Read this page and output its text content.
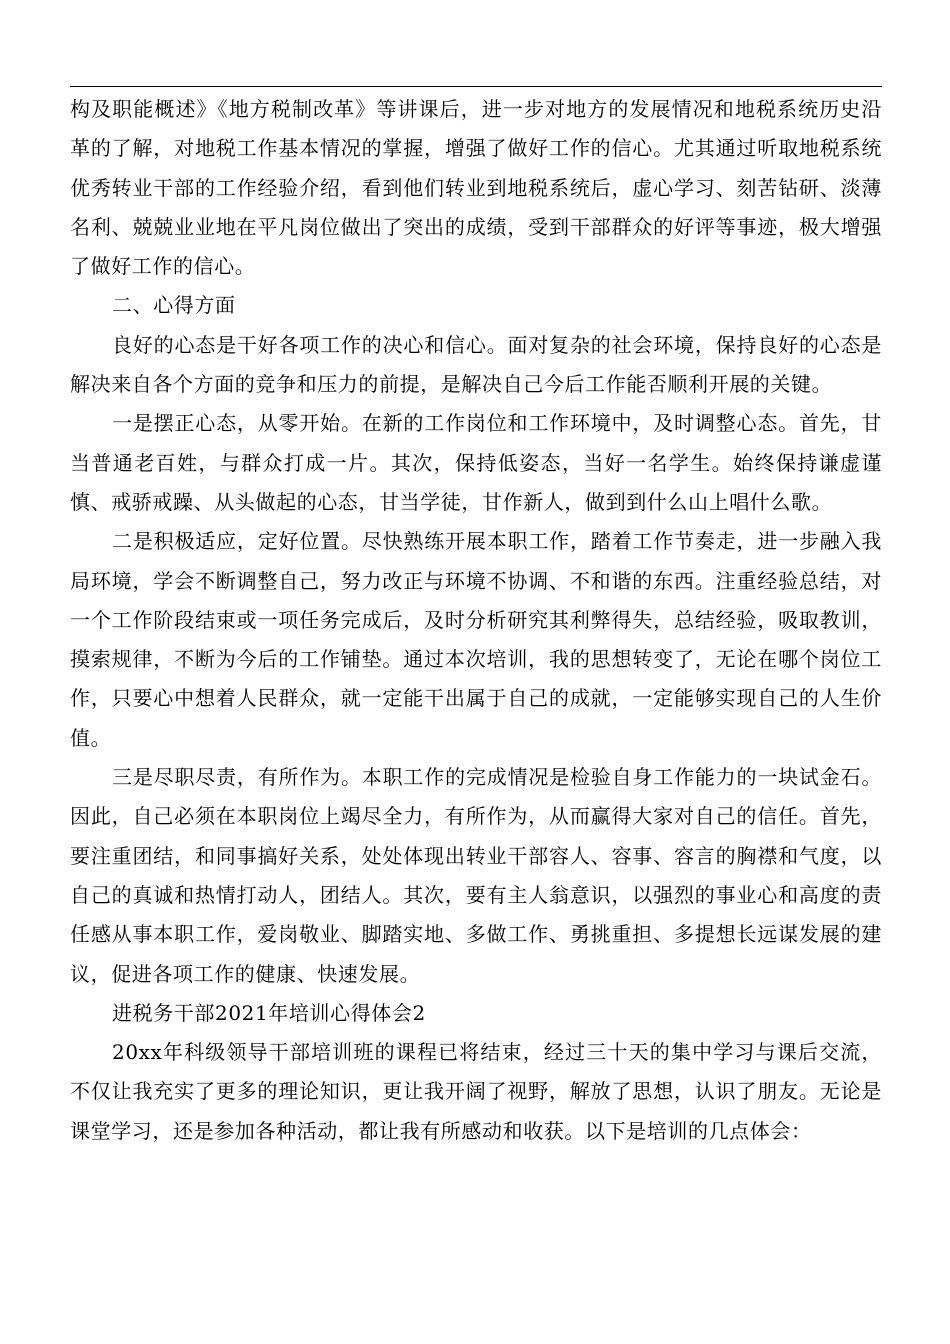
构及职能概述》《地方税制改革》等讲课后，进一步对地方的发展情况和地税系统历史沿革的了解，对地税工作基本情况的掌握，增强了做好工作的信心。尤其通过听取地税系统优秀转业干部的工作经验介绍，看到他们转业到地税系统后，虚心学习、刻苦钻研、淡薄名利、兢兢业业地在平凡岗位做出了突出的成绩，受到干部群众的好评等事迹，极大增强了做好工作的信心。

二、心得方面

良好的心态是干好各项工作的决心和信心。面对复杂的社会环境，保持良好的心态是解决来自各个方面的竞争和压力的前提，是解决自己今后工作能否顺利开展的关键。

一是摆正心态，从零开始。在新的工作岗位和工作环境中，及时调整心态。首先，甘当普通老百姓，与群众打成一片。其次，保持低姿态，当好一名学生。始终保持谦虚谨慎、戒骄戒躁、从头做起的心态，甘当学徒，甘作新人，做到到什么山上唱什么歌。

二是积极适应，定好位置。尽快熟练开展本职工作，踏着工作节奏走，进一步融入我局环境，学会不断调整自己，努力改正与环境不协调、不和谐的东西。注重经验总结，对一个工作阶段结束或一项任务完成后，及时分析研究其利弊得失，总结经验，吸取教训，摸索规律，不断为今后的工作铺垫。通过本次培训，我的思想转变了，无论在哪个岗位工作，只要心中想着人民群众，就一定能干出属于自己的成就，一定能够实现自己的人生价值。

三是尽职尽责，有所作为。本职工作的完成情况是检验自身工作能力的一块试金石。因此，自己必须在本职岗位上竭尽全力，有所作为，从而赢得大家对自己的信任。首先，要注重团结，和同事搞好关系，处处体现出转业干部容人、容事、容言的胸襟和气度，以自己的真诚和热情打动人，团结人。其次，要有主人翁意识，以强烈的事业心和高度的责任感从事本职工作，爱岗敬业、脚踏实地、多做工作、勇挑重担、多提想长远谋发展的建议，促进各项工作的健康、快速发展。

进税务干部2021年培训心得体会2

20xx年科级领导干部培训班的课程已将结束，经过三十天的集中学习与课后交流，不仅让我充实了更多的理论知识，更让我开阔了视野，解放了思想，认识了朋友。无论是课堂学习，还是参加各种活动，都让我有所感动和收获。以下是培训的几点体会：
